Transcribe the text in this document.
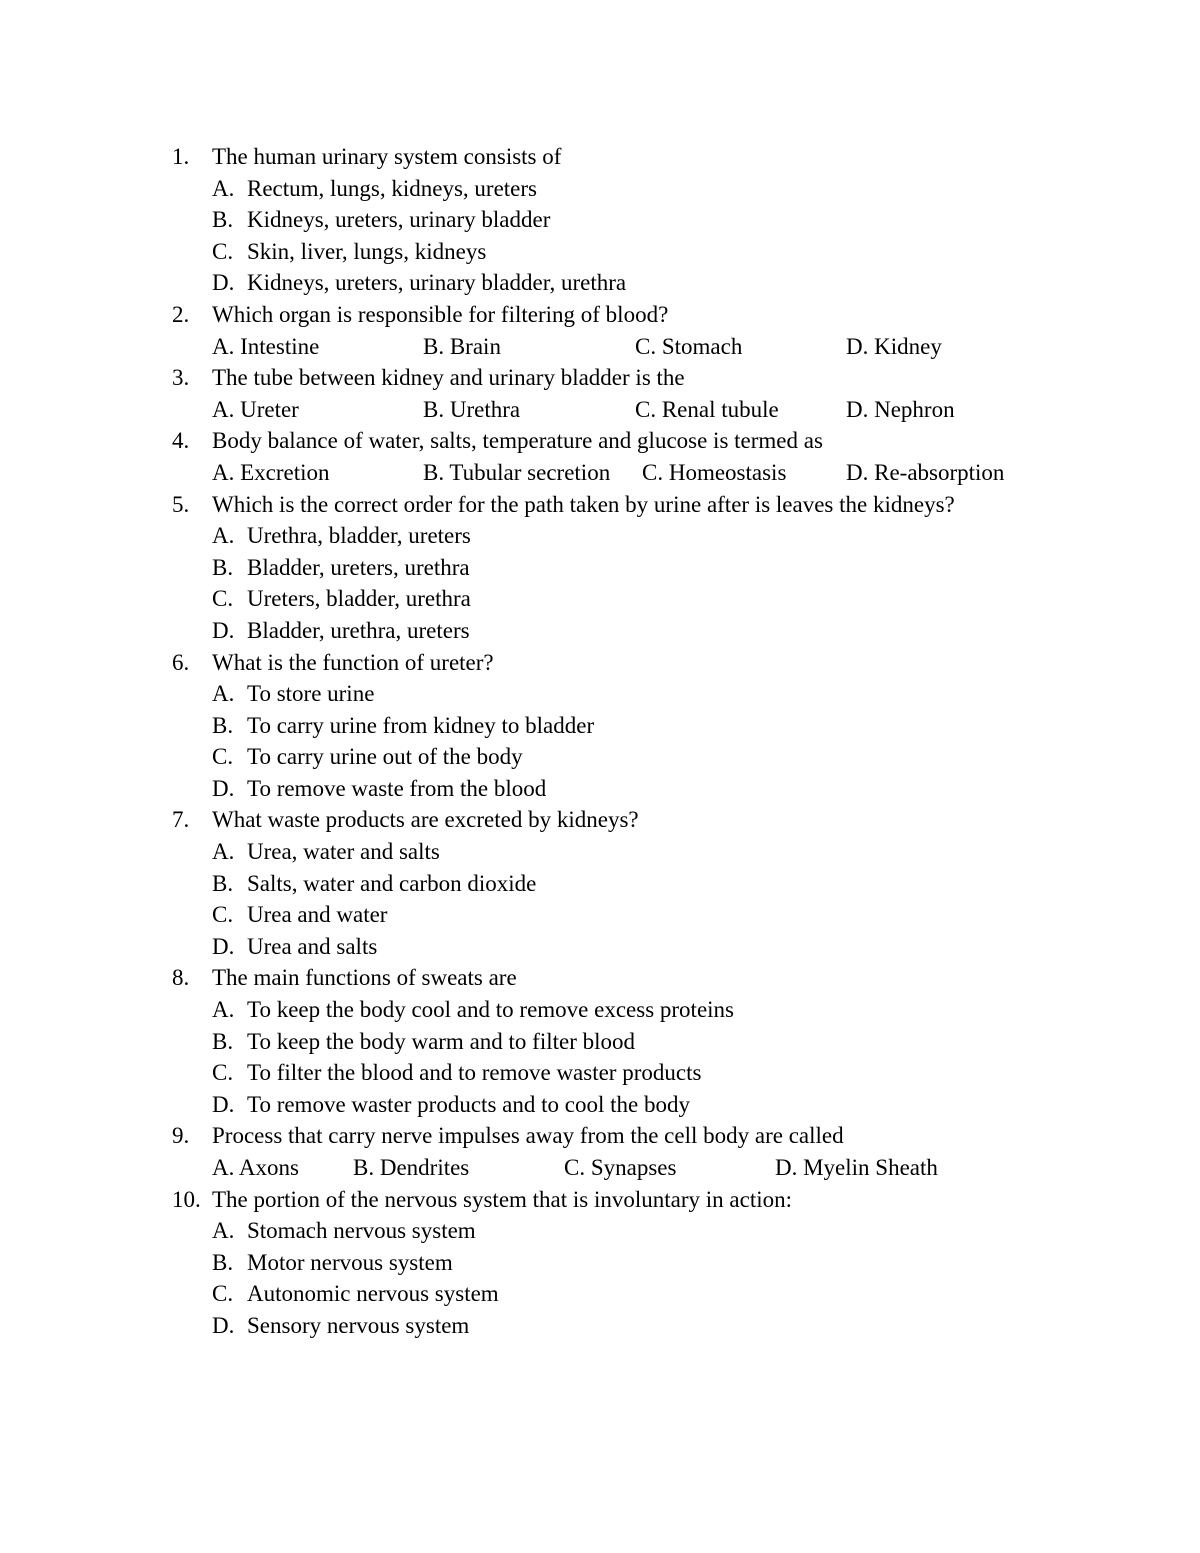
1. The human urinary system consists of
A. Rectum, lungs, kidneys, ureters
B. Kidneys, ureters, urinary bladder
C. Skin, liver, lungs, kidneys
D. Kidneys, ureters, urinary bladder, urethra
2. Which organ is responsible for filtering of blood?
A. Intestine	B. Brain	C. Stomach	D. Kidney
3. The tube between kidney and urinary bladder is the
A. Ureter	B. Urethra	C. Renal tubule	D. Nephron
4. Body balance of water, salts, temperature and glucose is termed as
A. Excretion	B. Tubular secretion C. Homeostasis	D. Re-absorption
5. Which is the correct order for the path taken by urine after is leaves the kidneys?
A. Urethra, bladder, ureters
B. Bladder, ureters, urethra
C. Ureters, bladder, urethra
D. Bladder, urethra, ureters
6. What is the function of ureter?
A. To store urine
B. To carry urine from kidney to bladder
C. To carry urine out of the body
D. To remove waste from the blood
7. What waste products are excreted by kidneys?
A. Urea, water and salts
B. Salts, water and carbon dioxide
C. Urea and water
D. Urea and salts
8. The main functions of sweats are
A. To keep the body cool and to remove excess proteins
B. To keep the body warm and to filter blood
C. To filter the blood and to remove waster products
D. To remove waster products and to cool the body
9. Process that carry nerve impulses away from the cell body are called
A. Axons B. Dendrites	C. Synapses	D. Myelin Sheath
10. The portion of the nervous system that is involuntary in action:
A. Stomach nervous system
B. Motor nervous system
C. Autonomic nervous system
D. Sensory nervous system
